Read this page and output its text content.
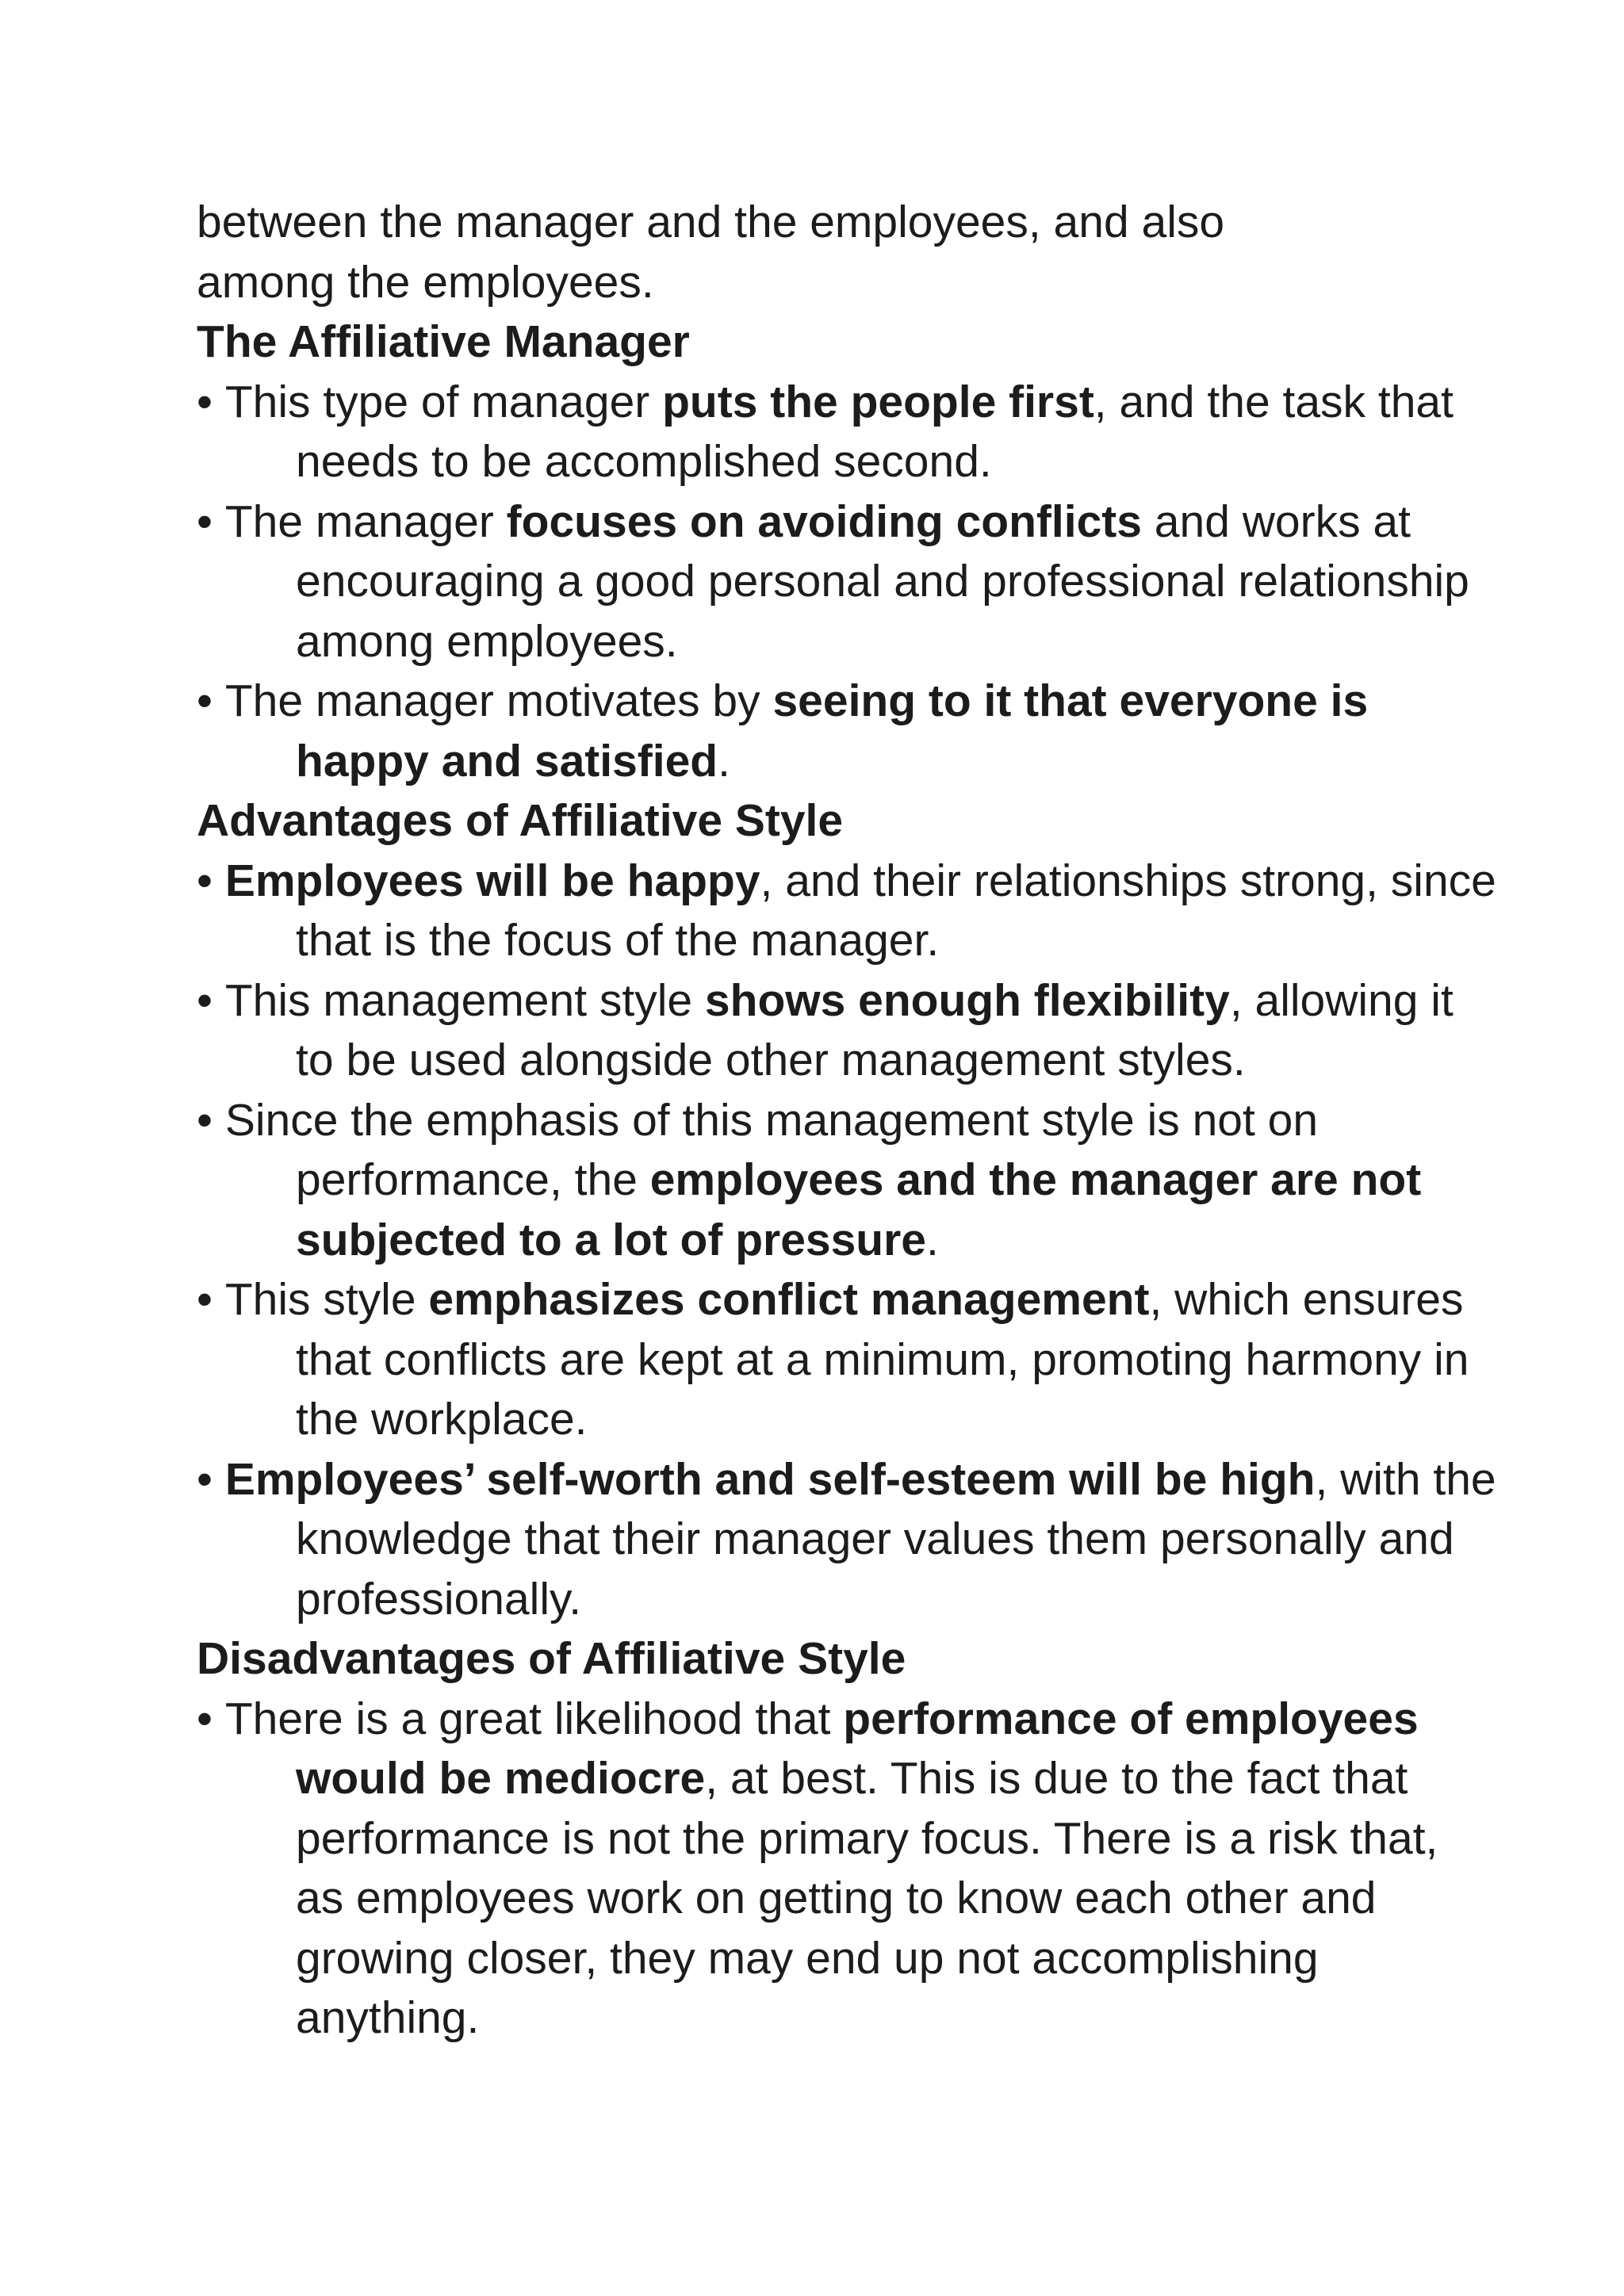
between the manager and the employees, and also
among the employees.
The Affiliative Manager
• This type of manager puts the people first, and the task that needs to be accomplished second.
• The manager focuses on avoiding conflicts and works at encouraging a good personal and professional relationship among employees.
• The manager motivates by seeing to it that everyone is happy and satisfied.
Advantages of Affiliative Style
• Employees will be happy, and their relationships strong, since that is the focus of the manager.
• This management style shows enough flexibility, allowing it to be used alongside other management styles.
• Since the emphasis of this management style is not on performance, the employees and the manager are not subjected to a lot of pressure.
• This style emphasizes conflict management, which ensures that conflicts are kept at a minimum, promoting harmony in the workplace.
• Employees’ self-worth and self-esteem will be high, with the knowledge that their manager values them personally and professionally.
Disadvantages of Affiliative Style
• There is a great likelihood that performance of employees would be mediocre, at best. This is due to the fact that performance is not the primary focus. There is a risk that, as employees work on getting to know each other and growing closer, they may end up not accomplishing anything.
